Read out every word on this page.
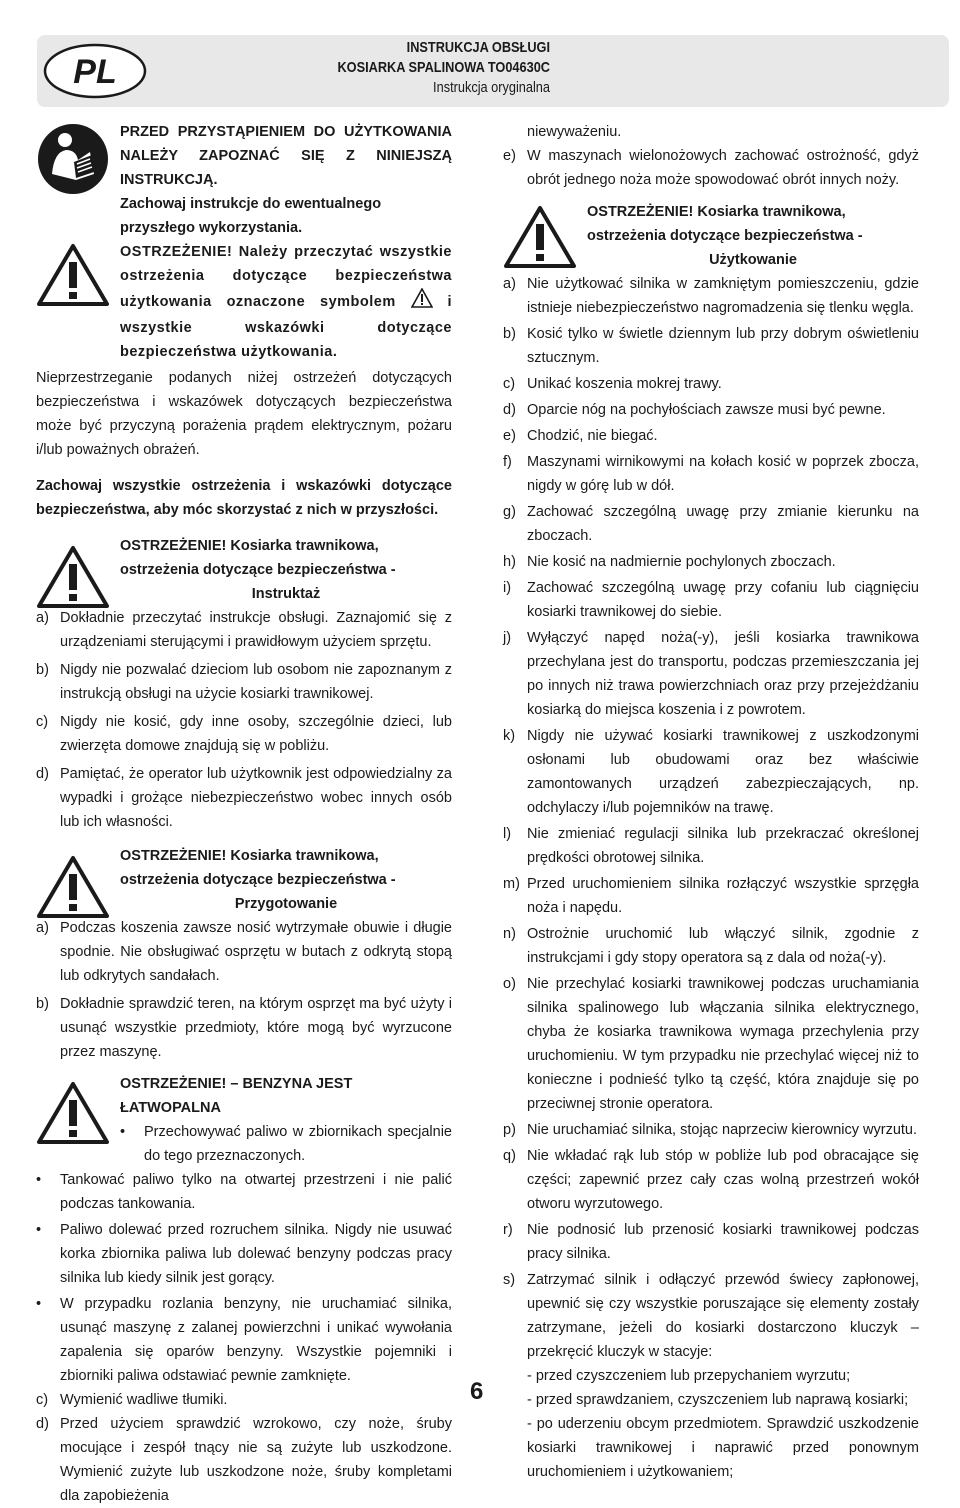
PL
INSTRUKCJA OBSŁUGI
KOSIARKA SPALINOWA TO04630C
Instrukcja oryginalna

PRZED PRZYSTĄPIENIEM DO UŻYTKOWANIA NALEŻY ZAPOZNAĆ SIĘ Z NINIEJSZĄ INSTRUKCJĄ.

Zachowaj instrukcje do ewentualnego przyszłego wykorzystania.

OSTRZEŻENIE! Należy przeczytać wszystkie ostrzeżenia dotyczące bezpieczeństwa użytkowania oznaczone symbolem	i wszystkie wskazówki dotyczące bezpieczeństwa użytkowania.

Nieprzestrzeganie podanych niżej ostrzeżeń dotyczących bezpieczeństwa i wskazówek dotyczących bezpieczeństwa może być przyczyną porażenia prądem elektrycznym, pożaru i/lub poważnych obrażeń.

Zachowaj wszystkie ostrzeżenia i wskazówki dotyczące bezpieczeństwa, aby móc skorzystać z nich w przyszłości.

OSTRZEŻENIE! Kosiarka trawnikowa, ostrzeżenia dotyczące bezpieczeństwa -

Instruktaż

a) Dokładnie przeczytać instrukcje obsługi. Zaznajomić się z urządzeniami sterującymi i prawidłowym użyciem sprzętu.
b) Nigdy nie pozwalać dzieciom lub osobom nie zapoznanym z instrukcją obsługi na użycie kosiarki trawnikowej.
c) Nigdy nie kosić, gdy inne osoby, szczególnie dzieci, lub zwierzęta domowe znajdują się w pobliżu.
d) Pamiętać, że operator lub użytkownik jest odpowiedzialny za wypadki i grożące niebezpieczeństwo wobec innych osób lub ich własności.

OSTRZEŻENIE! Kosiarka trawnikowa, ostrzeżenia dotyczące bezpieczeństwa -

Przygotowanie

a) Podczas koszenia zawsze nosić wytrzymałe obuwie i długie spodnie. Nie obsługiwać osprzętu w butach z odkrytą stopą lub odkrytych sandałach.
b) Dokładnie sprawdzić teren, na którym osprzęt ma być użyty i usunąć wszystkie przedmioty, które mogą być wyrzucone przez maszynę.

OSTRZEŻENIE! – BENZYNA JEST ŁATWOPALNA

•	Przechowywać paliwo w zbiornikach specjalnie do tego przeznaczonych.
•	Tankować paliwo tylko na otwartej przestrzeni i nie palić podczas tankowania.
•	Paliwo dolewać przed rozruchem silnika. Nigdy nie usuwać korka zbiornika paliwa lub dolewać benzyny podczas pracy silnika lub kiedy silnik jest gorący.
•	W przypadku rozlania benzyny, nie uruchamiać silnika, usunąć maszynę z zalanej powierzchni i unikać wywołania zapalenia się oparów benzyny. Wszystkie pojemniki i zbiorniki paliwa odstawiać pewnie zamknięte.
c) Wymienić wadliwe tłumiki.
d) Przed użyciem sprawdzić wzrokowo, czy noże, śruby mocujące i zespół tnący nie są zużyte lub uszkodzone. Wymienić zużyte lub uszkodzone noże, śruby kompletami dla zapobieżenia

niewyważeniu.

e) W maszynach wielonożowych zachować ostrożność, gdyż obrót jednego noża może spowodować obrót innych noży.

OSTRZEŻENIE! Kosiarka trawnikowa, ostrzeżenia dotyczące bezpieczeństwa -

Użytkowanie

a) Nie użytkować silnika w zamkniętym pomieszczeniu, gdzie istnieje niebezpieczeństwo nagromadzenia się tlenku węgla.
b) Kosić tylko w świetle dziennym lub przy dobrym oświetleniu sztucznym.
c) Unikać koszenia mokrej trawy.
d) Oparcie nóg na pochyłościach zawsze musi być pewne.
e) Chodzić, nie biegać.
f)	Maszynami wirnikowymi na kołach kosić w poprzek zbocza, nigdy w górę lub w dół.
g) Zachować szczególną uwagę przy zmianie kierunku na zboczach.
h) Nie kosić na nadmiernie pochylonych zboczach.
i)	Zachować szczególną uwagę przy cofaniu lub ciągnięciu kosiarki trawnikowej do siebie.
j)	Wyłączyć napęd noża(-y), jeśli kosiarka trawnikowa przechylana jest do transportu, podczas przemieszczania jej po innych niż trawa powierzchniach oraz przy przejeżdżaniu kosiarką do miejsca koszenia i z powrotem.
k) Nigdy nie używać kosiarki trawnikowej z uszkodzonymi osłonami lub obudowami oraz bez właściwie zamontowanych urządzeń zabezpieczających, np. odchylaczy i/lub pojemników na trawę.
l)	Nie zmieniać regulacji silnika lub przekraczać określonej prędkości obrotowej silnika.
m) Przed uruchomieniem silnika rozłączyć wszystkie sprzęgła noża i napędu.
n) Ostrożnie uruchomić lub włączyć silnik, zgodnie z instrukcjami i gdy stopy operatora są z dala od noża(-y).
o) Nie przechylać kosiarki trawnikowej podczas uruchamiania silnika spalinowego lub włączania silnika elektrycznego, chyba że kosiarka trawnikowa wymaga przechylenia przy uruchomieniu. W tym przypadku nie przechylać więcej niż to konieczne i podnieść tylko tą część, która znajduje się po przeciwnej stronie operatora.
p) Nie uruchamiać silnika, stojąc naprzeciw kierownicy wyrzutu.
q) Nie wkładać rąk lub stóp w pobliże lub pod obracające się części; zapewnić przez cały czas wolną przestrzeń wokół otworu wyrzutowego.
r) Nie podnosić lub przenosić kosiarki trawnikowej podczas pracy silnika.
s) Zatrzymać silnik i odłączyć przewód świecy zapłonowej, upewnić się czy wszystkie poruszające się elementy zostały zatrzymane, jeżeli do kosiarki dostarczono kluczyk – przekręcić kluczyk w stacyje:

- przed czyszczeniem lub przepychaniem wyrzutu;

- przed sprawdzaniem, czyszczeniem lub naprawą kosiarki;

- po uderzeniu obcym przedmiotem. Sprawdzić uszkodzenie kosiarki trawnikowej i naprawić przed ponownym uruchomieniem i użytkowaniem;

6
